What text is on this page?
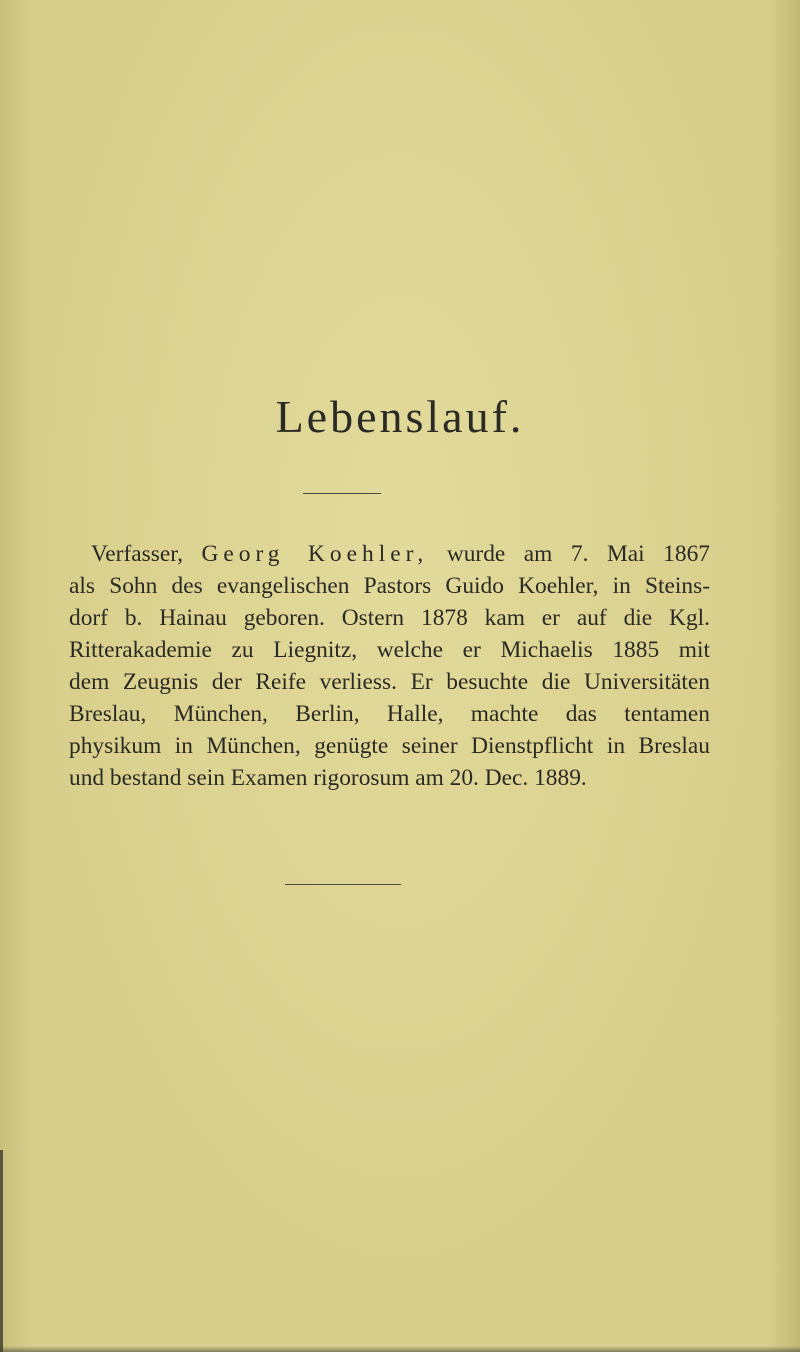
Lebenslauf.
Verfasser, Georg Koehler, wurde am 7. Mai 1867
als Sohn des evangelischen Pastors Guido Koehler, in Steins-
dorf b. Hainau geboren. Ostern 1878 kam er auf die Kgl.
Ritterakademie zu Liegnitz, welche er Michaelis 1885 mit
dem Zeugnis der Reife verliess. Er besuchte die Universitäten
Breslau, München, Berlin, Halle, machte das tentamen
physikum in München, genügte seiner Dienstpflicht in Breslau
und bestand sein Examen rigorosum am 20. Dec. 1889.
